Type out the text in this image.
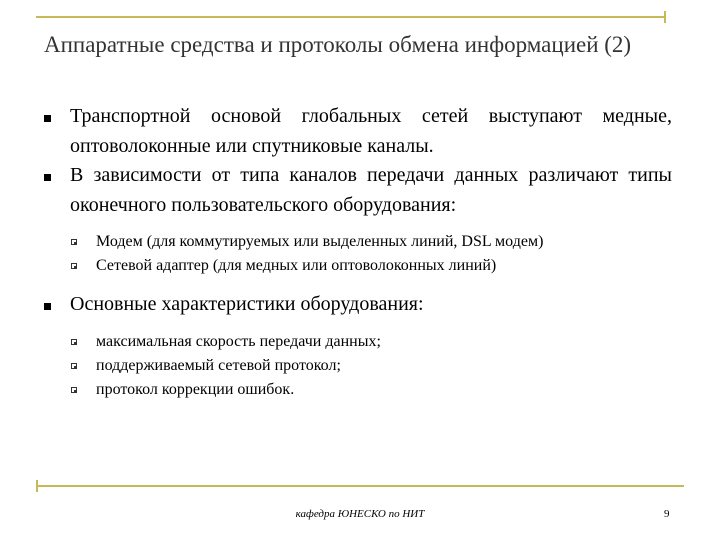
Аппаратные средства и протоколы обмена информацией (2)
Транспортной основой глобальных сетей выступают медные, оптоволоконные или спутниковые каналы.
В зависимости от типа каналов передачи данных различают типы оконечного пользовательского оборудования:
Модем (для коммутируемых или выделенных линий, DSL модем)
Сетевой адаптер (для медных или оптоволоконных линий)
Основные характеристики оборудования:
максимальная скорость передачи данных;
поддерживаемый сетевой протокол;
протокол коррекции ошибок.
кафедра ЮНЕСКО по НИТ	9
